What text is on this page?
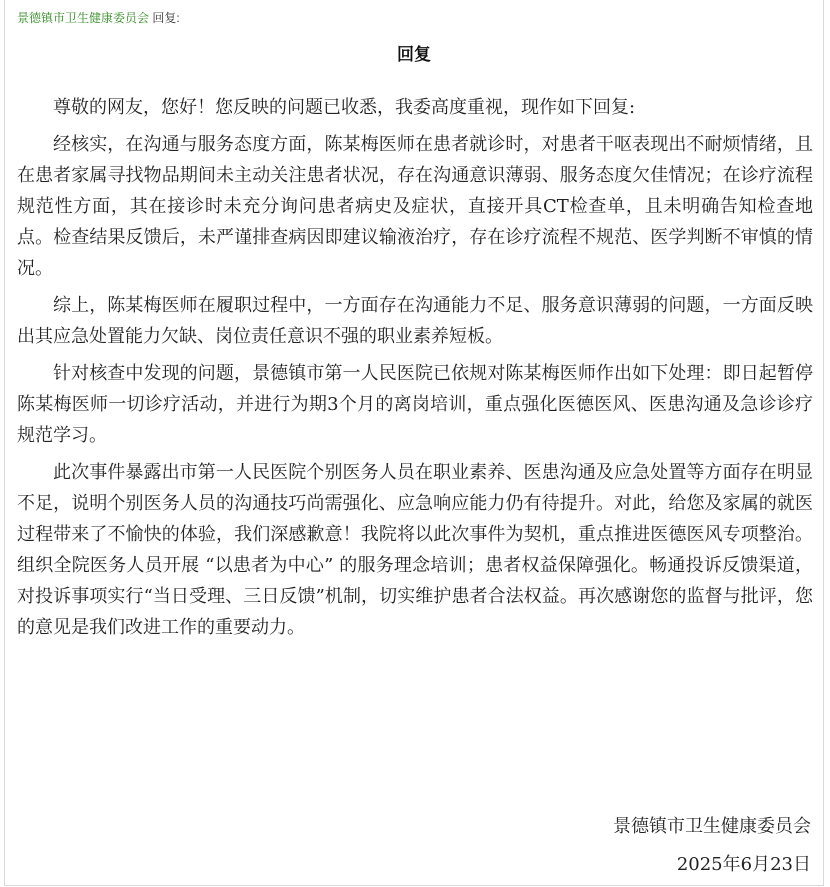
景德镇市卫生健康委员会 回复:
回复

尊敬的网友，您好！您反映的问题已收悉，我委高度重视，现作如下回复:

经核实，在沟通与服务态度方面，陈某梅医师在患者就诊时，对患者干呕表现出不耐烦情绪，且在患者家属寻找物品期间未主动关注患者状况，存在沟通意识薄弱、服务态度欠佳情况；在诊疗流程规范性方面，其在接诊时未充分询问患者病史及症状，直接开具CT检查单，且未明确告知检查地点。检查结果反馈后，未严谨排查病因即建议输液治疗，存在诊疗流程不规范、医学判断不审慎的情况。

综上，陈某梅医师在履职过程中，一方面存在沟通能力不足、服务意识薄弱的问题，一方面反映出其应急处置能力欠缺、岗位责任意识不强的职业素养短板。

针对核查中发现的问题，景德镇市第一人民医院已依规对陈某梅医师作出如下处理：即日起暂停陈某梅医师一切诊疗活动，并进行为期3个月的离岗培训，重点强化医德医风、医患沟通及急诊诊疗规范学习。

此次事件暴露出市第一人民医院个别医务人员在职业素养、医患沟通及应急处置等方面存在明显不足，说明个别医务人员的沟通技巧尚需强化、应急响应能力仍有待提升。对此，给您及家属的就医过程带来了不愉快的体验，我们深感歉意！我院将以此次事件为契机，重点推进医德医风专项整治。组织全院医务人员开展 “以患者为中心” 的服务理念培训；患者权益保障强化。畅通投诉反馈渠道，对投诉事项实行“当日受理、三日反馈”机制，切实维护患者合法权益。再次感谢您的监督与批评，您的意见是我们改进工作的重要动力。

景德镇市卫生健康委员会
2025年6月23日
